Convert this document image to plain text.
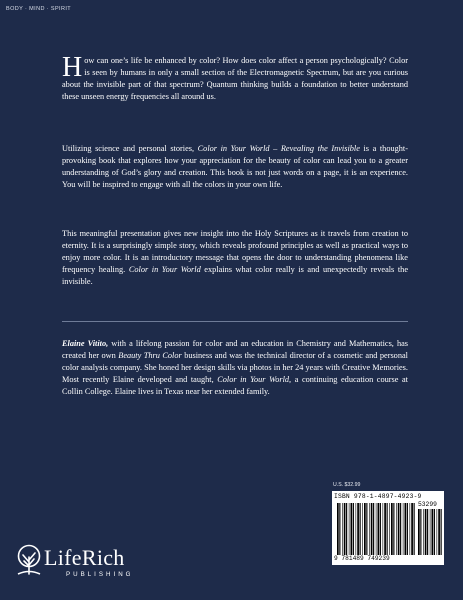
BODY · MIND · SPIRIT

How can one’s life be enhanced by color? How does color affect a person psychologically? Color is seen by humans in only a small section of the Electromagnetic Spectrum, but are you curious about the invisible part of that spectrum? Quantum thinking builds a foundation to better understand these unseen energy frequencies all around us.

Utilizing science and personal stories, Color in Your World – Revealing the Invisible is a thought-provoking book that explores how your appreciation for the beauty of color can lead you to a greater understanding of God’s glory and creation. This book is not just words on a page, it is an experience. You will be inspired to engage with all the colors in your own life.

This meaningful presentation gives new insight into the Holy Scriptures as it travels from creation to eternity. It is a surprisingly simple story, which reveals profound principles as well as practical ways to enjoy more color. It is an introductory message that opens the door to understanding phenomena like frequency healing. Color in Your World explains what color really is and unexpectedly reveals the invisible.

Elaine Vitito, with a lifelong passion for color and an education in Chemistry and Mathematics, has created her own Beauty Thru Color business and was the technical director of a cosmetic and personal color analysis company. She honed her design skills via photos in her 24 years with Creative Memories. Most recently Elaine developed and taught, Color in Your World, a continuing education course at Collin College. Elaine lives in Texas near her extended family.

U.S. $32.99
ISBN 978-1-4897-4923-9
53299
9 781489 749239
LifeRich
PUBLISHING
